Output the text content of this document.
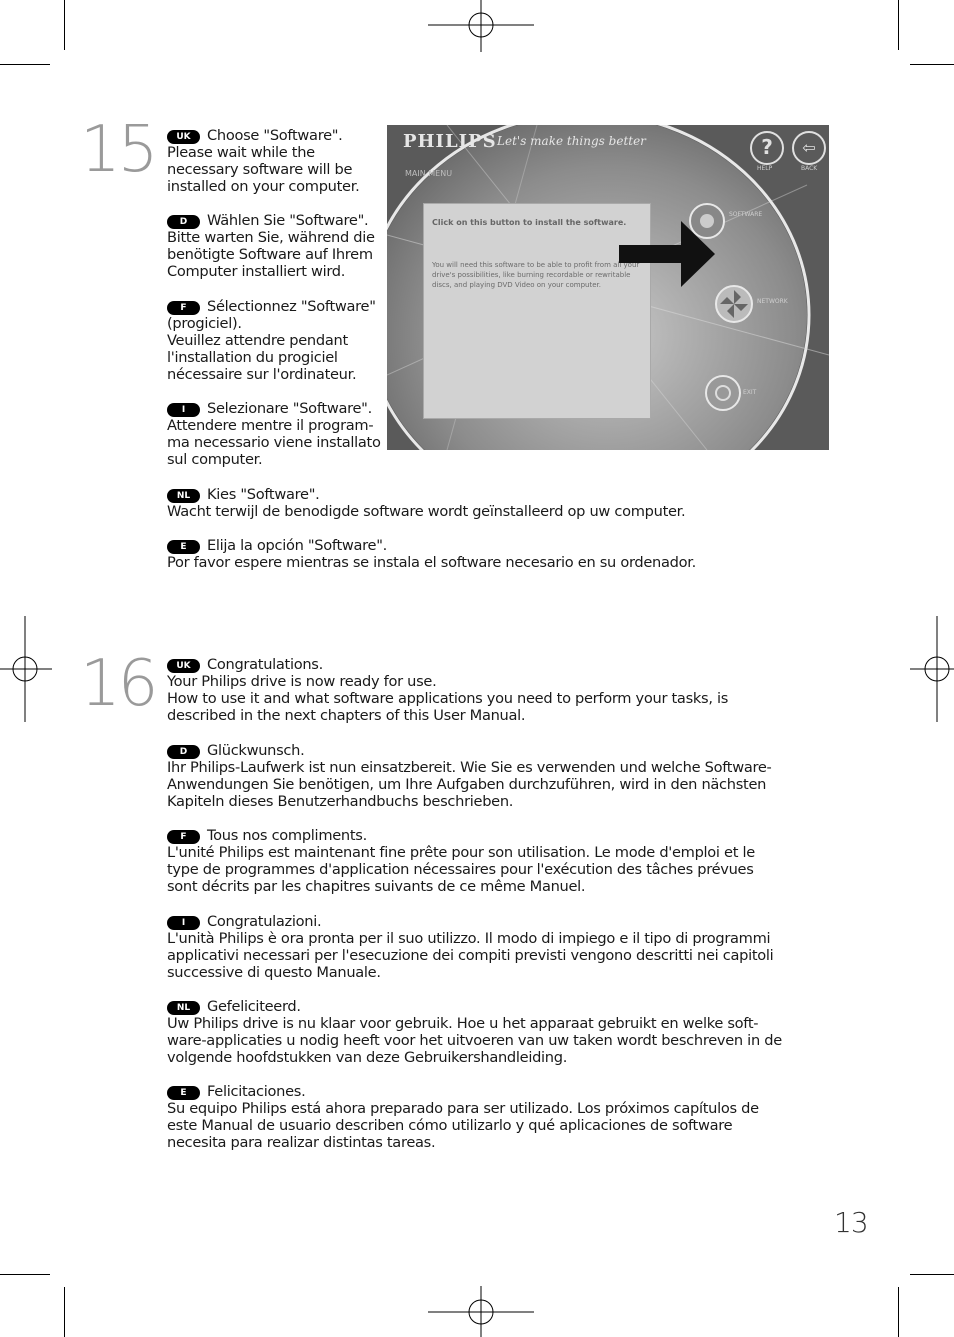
15	UK Choose "Software".

Please wait while the necessary software will be installed on your computer.

D Wählen Sie "Software".

Bitte warten Sie, während die benötigte Software auf Ihrem Computer installiert wird.

F Sélectionnez "Software" (progiciel).

Veuillez attendre pendant l'installation du progiciel nécessaire sur l'ordinateur.

I Selezionare "Software".

Attendere mentre il program-ma necessario viene installato sul computer.

NL Kies "Software".

Wacht terwijl de benodigde software wordt geïnstalleerd op uw computer.

E Elija la opción "Software".

Por favor espere mientras se instala el software necesario en su ordenador.

PHILIPS Let's make things better
MAIN MENU
?
HELP
⇦
BACK
Click on this button to install the software.
You will need this software to be able to profit from all your drive's possibilities, like burning recordable or rewritable discs, and playing DVD Video on your computer.
SOFTWARE
NETWORK
EXIT
16	UK Congratulations.

Your Philips drive is now ready for use.
How to use it and what software applications you need to perform your tasks, is described in the next chapters of this User Manual.

D Glückwunsch.

Ihr Philips-Laufwerk ist nun einsatzbereit. Wie Sie es verwenden und welche Software-Anwendungen Sie benötigen, um Ihre Aufgaben durchzuführen, wird in den nächsten Kapiteln dieses Benutzerhandbuchs beschrieben.

F Tous nos compliments.

L'unité Philips est maintenant fine prête pour son utilisation. Le mode d'emploi et le type de programmes d'application nécessaires pour l'exécution des tâches prévues sont décrits par les chapitres suivants de ce même Manuel.

I Congratulazioni.

L'unità Philips è ora pronta per il suo utilizzo. Il modo di impiego e il tipo di programmi applicativi necessari per l'esecuzione dei compiti previsti vengono descritti nei capitoli successive di questo Manuale.

NL Gefeliciteerd.

Uw Philips drive is nu klaar voor gebruik. Hoe u het apparaat gebruikt en welke soft-ware-applicaties u nodig heeft voor het uitvoeren van uw taken wordt beschreven in de volgende hoofdstukken van deze Gebruikershandleiding.

E Felicitaciones.

Su equipo Philips está ahora preparado para ser utilizado. Los próximos capítulos de este Manual de usuario describen cómo utilizarlo y qué aplicaciones de software necesita para realizar distintas tareas.

13
